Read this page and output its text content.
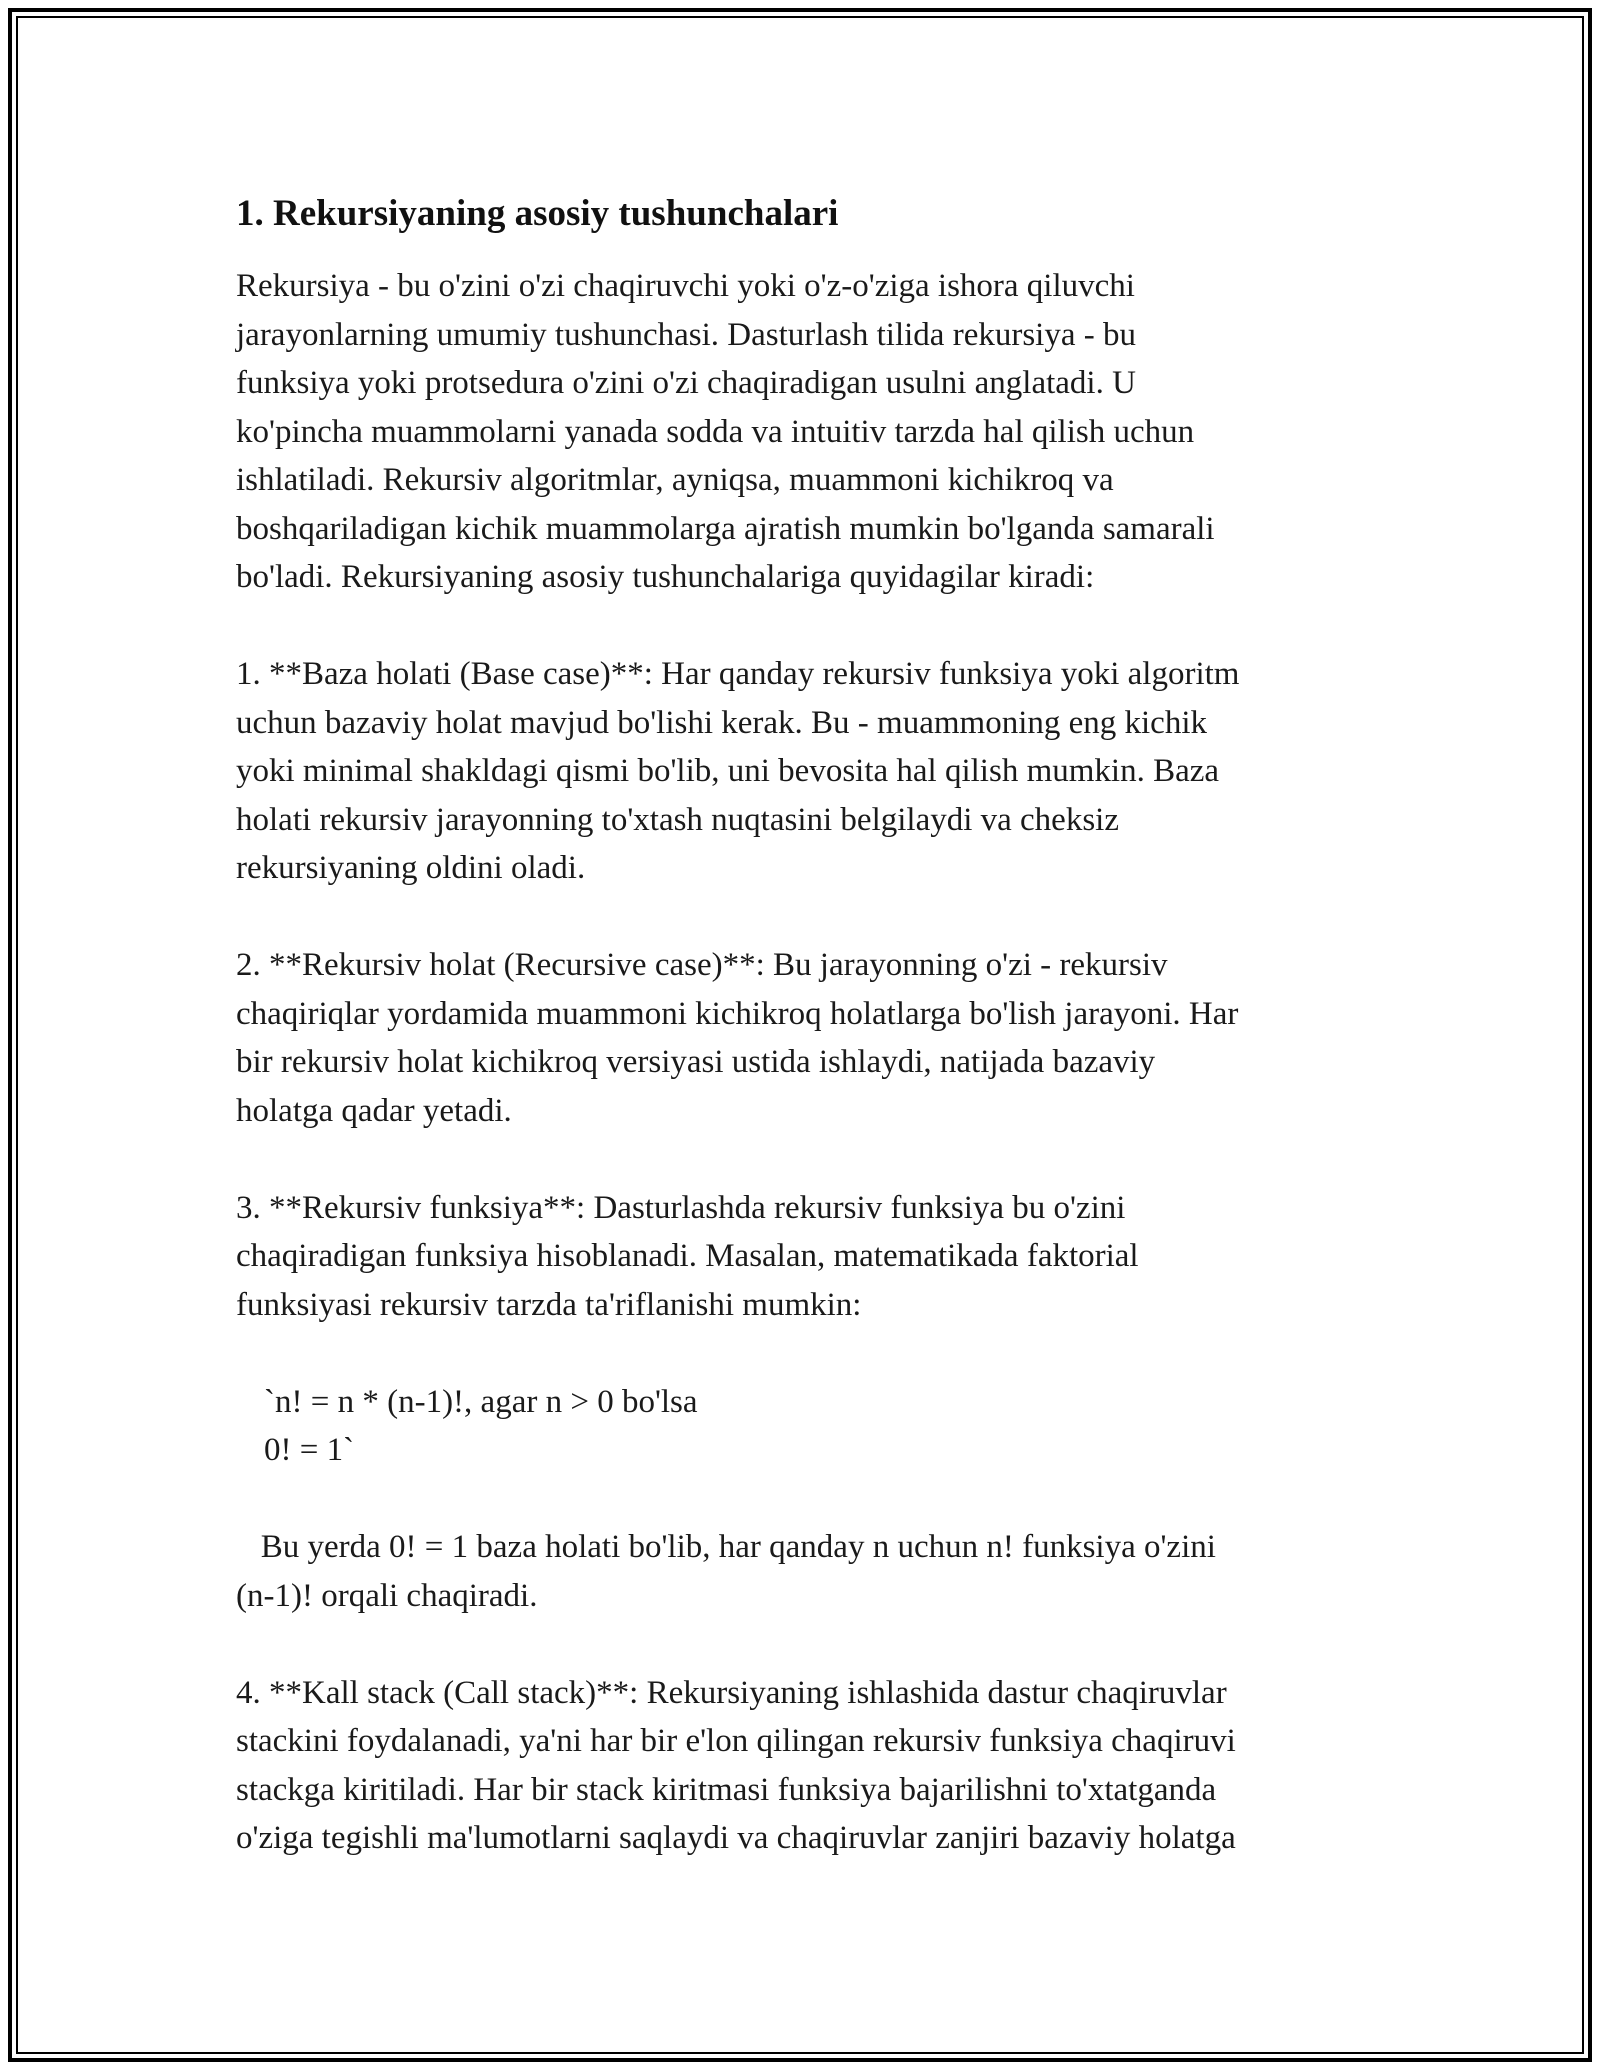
1. Rekursiyaning asosiy tushunchalari
Rekursiya - bu o'zini o'zi chaqiruvchi yoki o'z-o'ziga ishora qiluvchi
jarayonlarning umumiy tushunchasi. Dasturlash tilida rekursiya - bu
funksiya yoki protsedura o'zini o'zi chaqiradigan usulni anglatadi. U
ko'pincha muammolarni yanada sodda va intuitiv tarzda hal qilish uchun
ishlatiladi. Rekursiv algoritmlar, ayniqsa, muammoni kichikroq va
boshqariladigan kichik muammolarga ajratish mumkin bo'lganda samarali
bo'ladi. Rekursiyaning asosiy tushunchalariga quyidagilar kiradi:
1. **Baza holati (Base case)**: Har qanday rekursiv funksiya yoki algoritm
uchun bazaviy holat mavjud bo'lishi kerak. Bu - muammoning eng kichik
yoki minimal shakldagi qismi bo'lib, uni bevosita hal qilish mumkin. Baza
holati rekursiv jarayonning to'xtash nuqtasini belgilaydi va cheksiz
rekursiyaning oldini oladi.
2. **Rekursiv holat (Recursive case)**: Bu jarayonning o'zi - rekursiv
chaqiriqlar yordamida muammoni kichikroq holatlarga bo'lish jarayoni. Har
bir rekursiv holat kichikroq versiyasi ustida ishlaydi, natijada bazaviy
holatga qadar yetadi.
3. **Rekursiv funksiya**: Dasturlashda rekursiv funksiya bu o'zini
chaqiradigan funksiya hisoblanadi. Masalan, matematikada faktorial
funksiyasi rekursiv tarzda ta'riflanishi mumkin:
`n! = n * (n-1)!, agar n > 0 bo'lsa
0! = 1`
Bu yerda 0! = 1 baza holati bo'lib, har qanday n uchun n! funksiya o'zini
(n-1)! orqali chaqiradi.
4. **Kall stack (Call stack)**: Rekursiyaning ishlashida dastur chaqiruvlar
stackini foydalanadi, ya'ni har bir e'lon qilingan rekursiv funksiya chaqiruvi
stackga kiritiladi. Har bir stack kiritmasi funksiya bajarilishni to'xtatganda
o'ziga tegishli ma'lumotlarni saqlaydi va chaqiruvlar zanjiri bazaviy holatga
